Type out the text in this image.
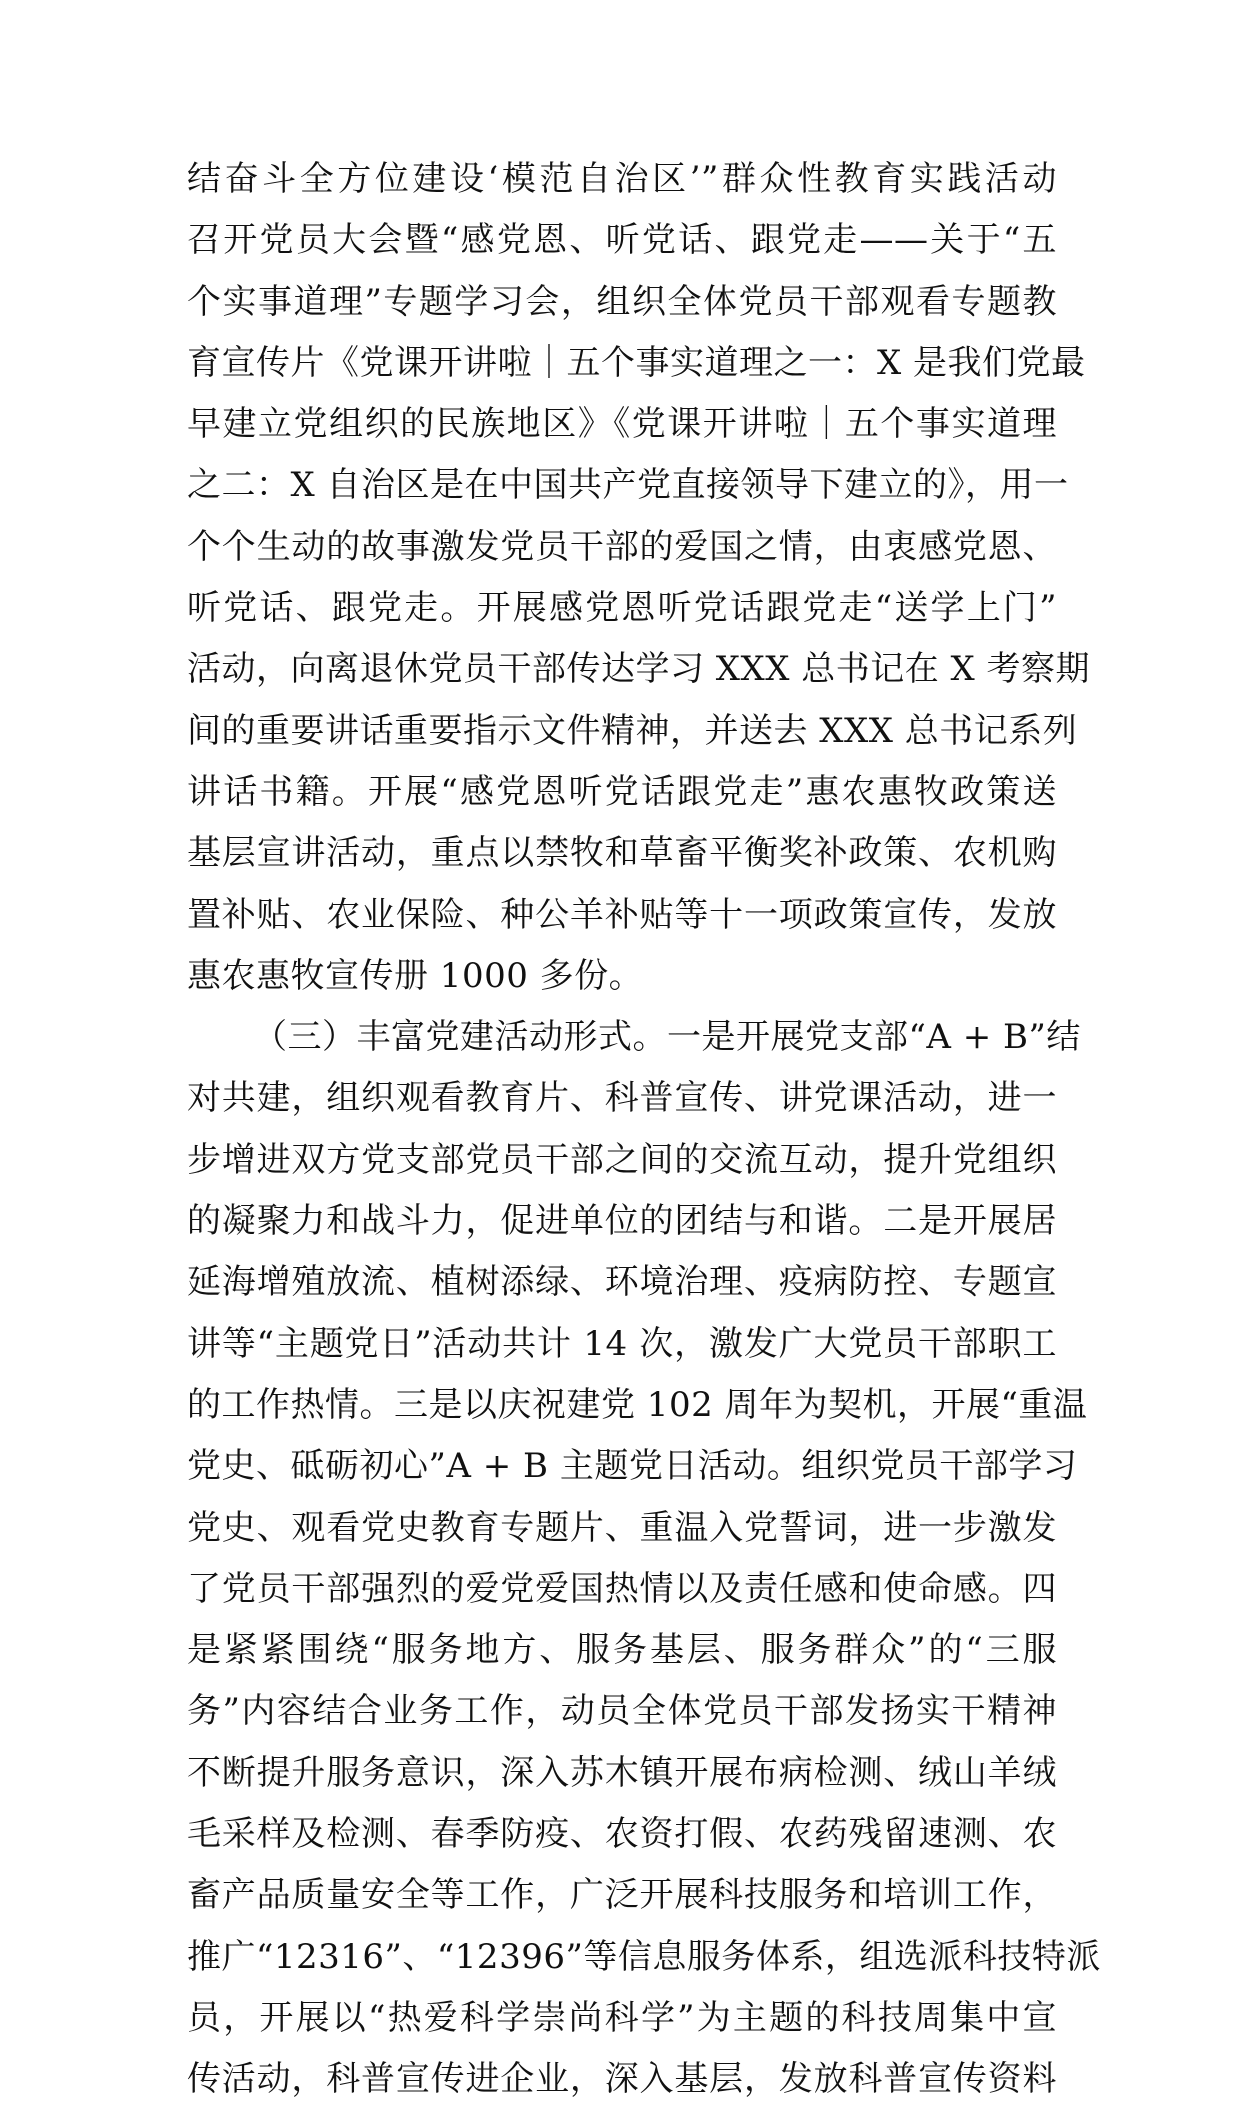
结奋斗全方位建设‘模范自治区’”群众性教育实践活动
召开党员大会暨“感党恩、听党话、跟党走——关于“五
个实事道理”专题学习会，组织全体党员干部观看专题教
育宣传片《党课开讲啦｜五个事实道理之一：X 是我们党最
早建立党组织的民族地区》《党课开讲啦｜五个事实道理
之二：X 自治区是在中国共产党直接领导下建立的》，用一
个个生动的故事激发党员干部的爱国之情，由衷感党恩、
听党话、跟党走。开展感党恩听党话跟党走“送学上门”
活动，向离退休党员干部传达学习 XXX 总书记在 X 考察期
间的重要讲话重要指示文件精神，并送去 XXX 总书记系列
讲话书籍。开展“感党恩听党话跟党走”惠农惠牧政策送
基层宣讲活动，重点以禁牧和草畜平衡奖补政策、农机购
置补贴、农业保险、种公羊补贴等十一项政策宣传，发放
惠农惠牧宣传册 1000 多份。
（三）丰富党建活动形式。一是开展党支部“A + B”结
对共建，组织观看教育片、科普宣传、讲党课活动，进一
步增进双方党支部党员干部之间的交流互动，提升党组织
的凝聚力和战斗力，促进单位的团结与和谐。二是开展居
延海增殖放流、植树添绿、环境治理、疫病防控、专题宣
讲等“主题党日”活动共计 14 次，激发广大党员干部职工
的工作热情。三是以庆祝建党 102 周年为契机，开展“重温
党史、砥砺初心”A + B 主题党日活动。组织党员干部学习
党史、观看党史教育专题片、重温入党誓词，进一步激发
了党员干部强烈的爱党爱国热情以及责任感和使命感。四
是紧紧围绕“服务地方、服务基层、服务群众”的“三服
务”内容结合业务工作，动员全体党员干部发扬实干精神
不断提升服务意识，深入苏木镇开展布病检测、绒山羊绒
毛采样及检测、春季防疫、农资打假、农药残留速测、农
畜产品质量安全等工作，广泛开展科技服务和培训工作，
推广“12316”、“12396”等信息服务体系，组选派科技特派
员，开展以“热爱科学崇尚科学”为主题的科技周集中宣
传活动，科普宣传进企业，深入基层，发放科普宣传资料
